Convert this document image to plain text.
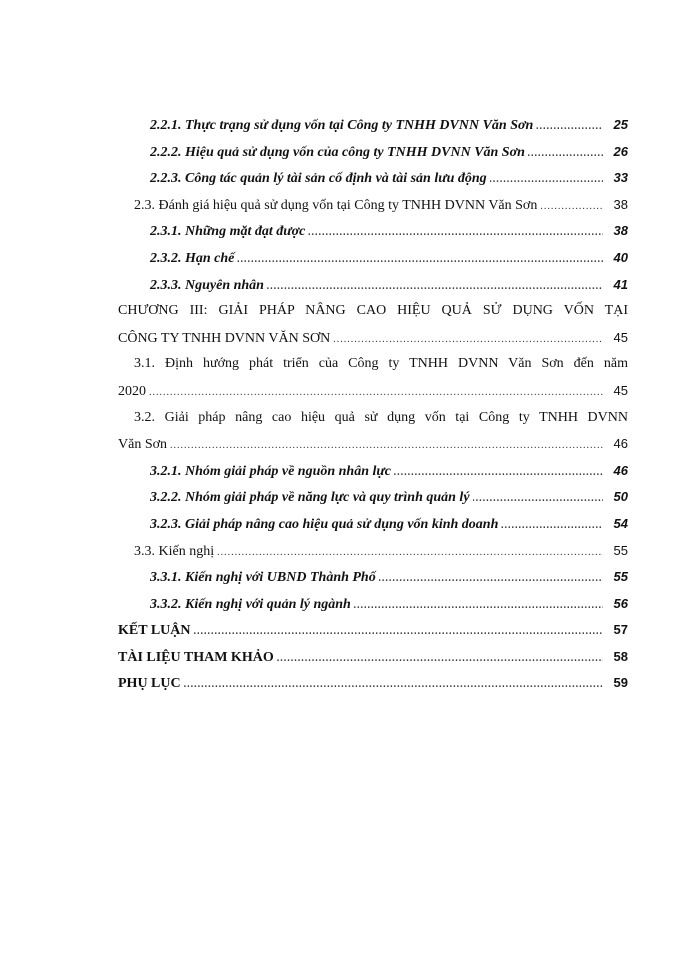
2.2.1. Thực trạng sử dụng vốn tại Công ty TNHH DVNN Văn Sơn .....	25
2.2.2. Hiệu quả sử dụng vốn của công ty TNHH DVNN Văn Sơn .....	26
2.2.3. Công tác quản lý tài sản cố định và tài sản lưu động .....	33
2.3. Đánh giá hiệu quả sử dụng vốn tại Công ty TNHH DVNN Văn Sơn .....	38
2.3.1. Những mặt đạt được .....	38
2.3.2. Hạn chế .....	40
2.3.3. Nguyên nhân .....	41
CHƯƠNG III: GIẢI PHÁP NÂNG CAO HIỆU QUẢ SỬ DỤNG VỐN TẠI
CÔNG TY TNHH DVNN VĂN SƠN .....	45
3.1. Định hướng phát triển của Công ty TNHH DVNN Văn Sơn đến năm
2020 .....	45
3.2. Giải pháp nâng cao hiệu quả sử dụng vốn tại Công ty TNHH DVNN
Văn Sơn .....	46
3.2.1. Nhóm giải pháp về nguồn nhân lực .....	46
3.2.2. Nhóm giải pháp về năng lực và quy trình quản lý .....	50
3.2.3. Giải pháp nâng cao hiệu quả sử dụng vốn kinh doanh .....	54
3.3. Kiến nghị .....	55
3.3.1. Kiến nghị với UBND Thành Phố .....	55
3.3.2. Kiến nghị với quản lý ngành .....	56
KẾT LUẬN .....	57
TÀI LIỆU THAM KHẢO .....	58
PHỤ LỤC .....	59
